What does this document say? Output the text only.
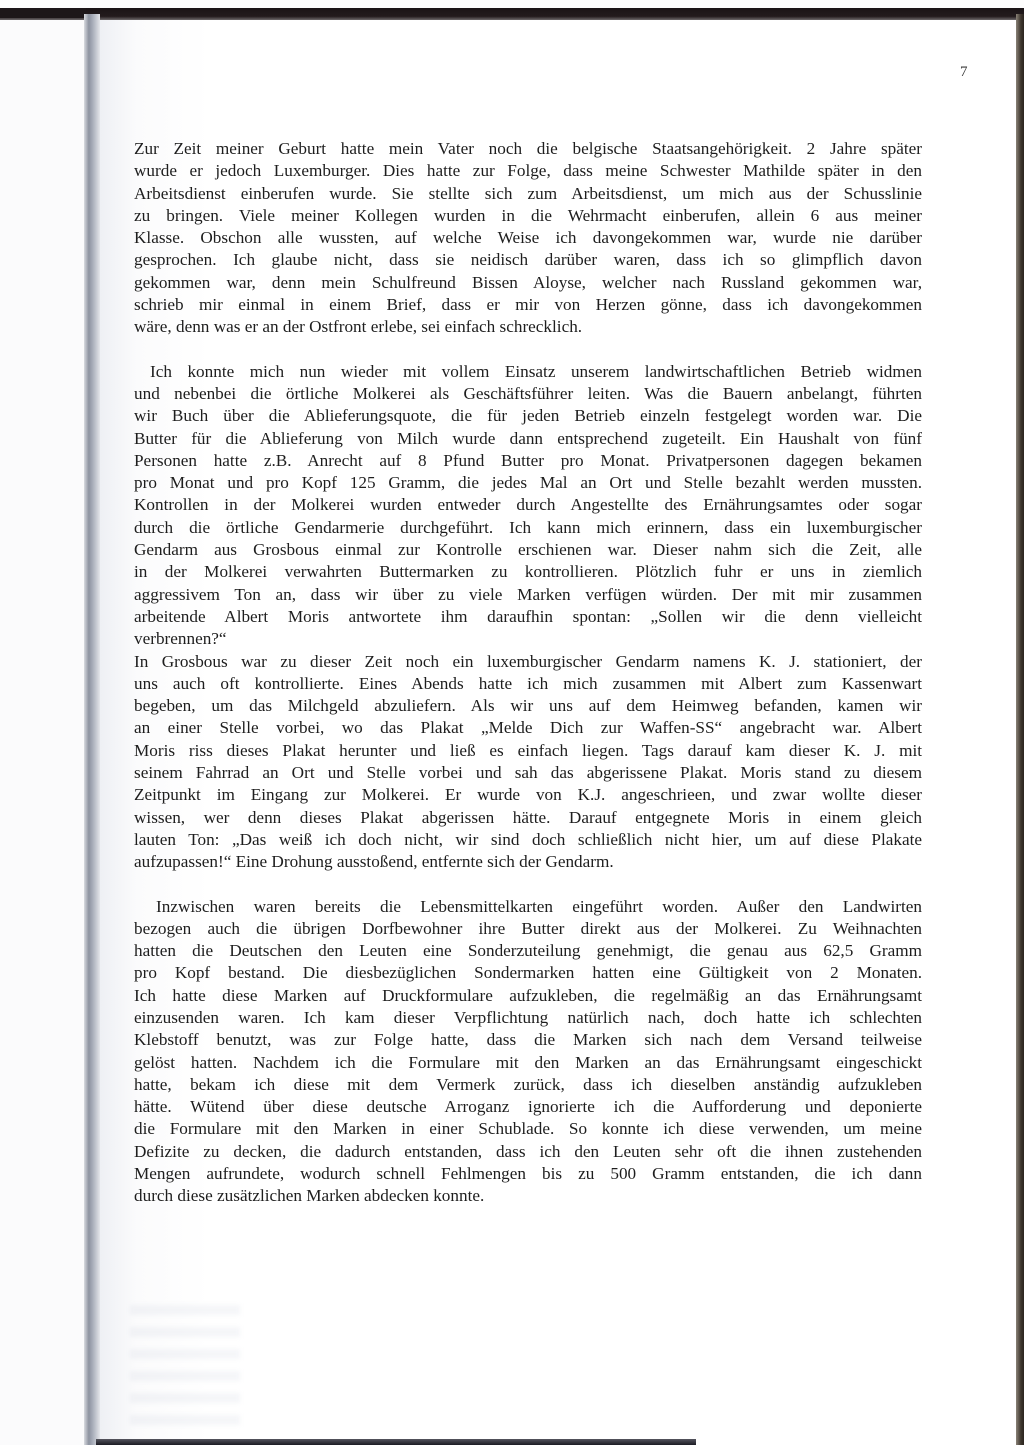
7
Zur Zeit meiner Geburt hatte mein Vater noch die belgische Staatsangehörigkeit. 2 Jahre später
wurde er jedoch Luxemburger. Dies hatte zur Folge, dass meine Schwester Mathilde später in den
Arbeitsdienst einberufen wurde. Sie stellte sich zum Arbeitsdienst, um mich aus der Schusslinie
zu bringen. Viele meiner Kollegen wurden in die Wehrmacht einberufen, allein 6 aus meiner
Klasse. Obschon alle wussten, auf welche Weise ich davongekommen war, wurde nie darüber
gesprochen. Ich glaube nicht, dass sie neidisch darüber waren, dass ich so glimpflich davon
gekommen war, denn mein Schulfreund Bissen Aloyse, welcher nach Russland gekommen war,
schrieb mir einmal in einem Brief, dass er mir von Herzen gönne, dass ich davongekommen
wäre, denn was er an der Ostfront erlebe, sei einfach schrecklich.
Ich konnte mich nun wieder mit vollem Einsatz unserem landwirtschaftlichen Betrieb widmen
und nebenbei die örtliche Molkerei als Geschäftsführer leiten. Was die Bauern anbelangt, führten
wir Buch über die Ablieferungsquote, die für jeden Betrieb einzeln festgelegt worden war. Die
Butter für die Ablieferung von Milch wurde dann entsprechend zugeteilt. Ein Haushalt von fünf
Personen hatte z.B. Anrecht auf 8 Pfund Butter pro Monat. Privatpersonen dagegen bekamen
pro Monat und pro Kopf 125 Gramm, die jedes Mal an Ort und Stelle bezahlt werden mussten.
Kontrollen in der Molkerei wurden entweder durch Angestellte des Ernährungsamtes oder sogar
durch die örtliche Gendarmerie durchgeführt. Ich kann mich erinnern, dass ein luxemburgischer
Gendarm aus Grosbous einmal zur Kontrolle erschienen war. Dieser nahm sich die Zeit, alle
in der Molkerei verwahrten Buttermarken zu kontrollieren. Plötzlich fuhr er uns in ziemlich
aggressivem Ton an, dass wir über zu viele Marken verfügen würden. Der mit mir zusammen
arbeitende Albert Moris antwortete ihm daraufhin spontan: „Sollen wir die denn vielleicht
verbrennen?“
In Grosbous war zu dieser Zeit noch ein luxemburgischer Gendarm namens K. J. stationiert, der
uns auch oft kontrollierte. Eines Abends hatte ich mich zusammen mit Albert zum Kassenwart
begeben, um das Milchgeld abzuliefern. Als wir uns auf dem Heimweg befanden, kamen wir
an einer Stelle vorbei, wo das Plakat „Melde Dich zur Waffen-SS“ angebracht war. Albert
Moris riss dieses Plakat herunter und ließ es einfach liegen. Tags darauf kam dieser K. J. mit
seinem Fahrrad an Ort und Stelle vorbei und sah das abgerissene Plakat. Moris stand zu diesem
Zeitpunkt im Eingang zur Molkerei. Er wurde von K.J. angeschrieen, und zwar wollte dieser
wissen, wer denn dieses Plakat abgerissen hätte. Darauf entgegnete Moris in einem gleich
lauten Ton: „Das weiß ich doch nicht, wir sind doch schließlich nicht hier, um auf diese Plakate
aufzupassen!“ Eine Drohung ausstoßend, entfernte sich der Gendarm.
Inzwischen waren bereits die Lebensmittelkarten eingeführt worden. Außer den Landwirten
bezogen auch die übrigen Dorfbewohner ihre Butter direkt aus der Molkerei. Zu Weihnachten
hatten die Deutschen den Leuten eine Sonderzuteilung genehmigt, die genau aus 62,5 Gramm
pro Kopf bestand. Die diesbezüglichen Sondermarken hatten eine Gültigkeit von 2 Monaten.
Ich hatte diese Marken auf Druckformulare aufzukleben, die regelmäßig an das Ernährungsamt
einzusenden waren. Ich kam dieser Verpflichtung natürlich nach, doch hatte ich schlechten
Klebstoff benutzt, was zur Folge hatte, dass die Marken sich nach dem Versand teilweise
gelöst hatten. Nachdem ich die Formulare mit den Marken an das Ernährungsamt eingeschickt
hatte, bekam ich diese mit dem Vermerk zurück, dass ich dieselben anständig aufzukleben
hätte. Wütend über diese deutsche Arroganz ignorierte ich die Aufforderung und deponierte
die Formulare mit den Marken in einer Schublade. So konnte ich diese verwenden, um meine
Defizite zu decken, die dadurch entstanden, dass ich den Leuten sehr oft die ihnen zustehenden
Mengen aufrundete, wodurch schnell Fehlmengen bis zu 500 Gramm entstanden, die ich dann
durch diese zusätzlichen Marken abdecken konnte.
